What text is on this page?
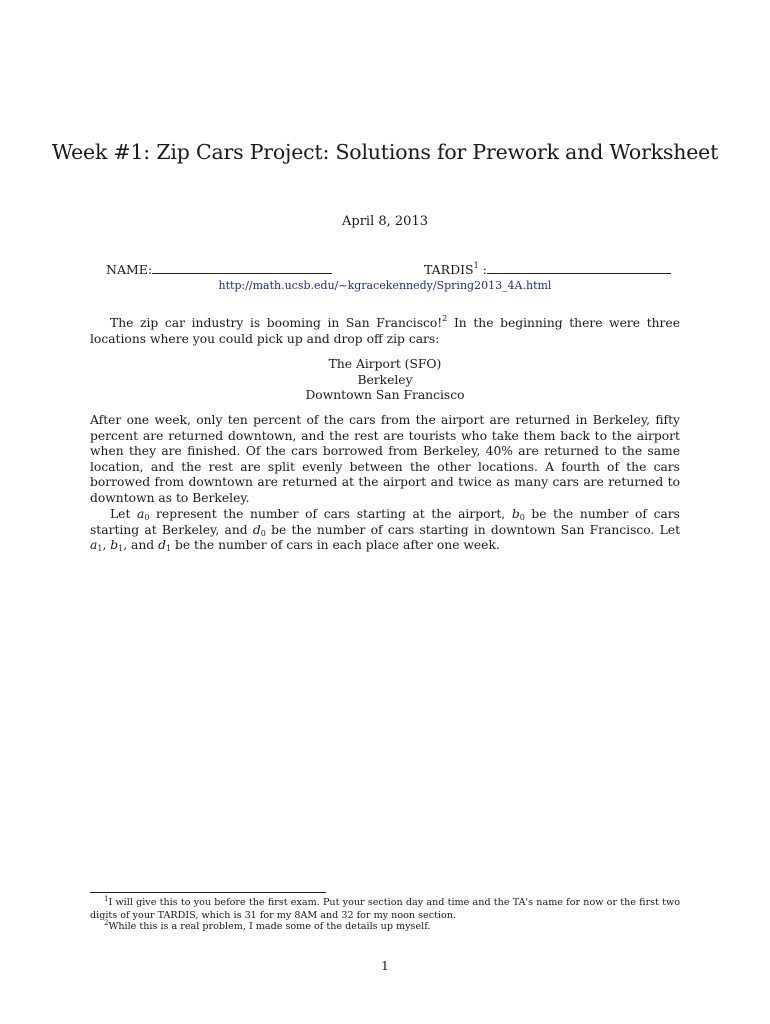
Week #1: Zip Cars Project: Solutions for Prework and Worksheet
April 8, 2013
NAME:	TARDIS$^1$ :
http://math.ucsb.edu/~kgracekennedy/Spring2013_4A.html
The zip car industry is booming in San Francisco!$^2$ In the beginning there were three locations where you could pick up and drop off zip cars:
The Airport (SFO)
Berkeley
Downtown San Francisco
After one week, only ten percent of the cars from the airport are returned in Berkeley, fifty percent are returned downtown, and the rest are tourists who take them back to the airport when they are finished. Of the cars borrowed from Berkeley, 40% are returned to the same location, and the rest are split evenly between the other locations. A fourth of the cars borrowed from downtown are returned at the airport and twice as many cars are returned to downtown as to Berkeley.
Let $a_0$ represent the number of cars starting at the airport, $b_0$ be the number of cars starting at Berkeley, and $d_0$ be the number of cars starting in downtown San Francisco. Let $a_1$, $b_1$, and $d_1$ be the number of cars in each place after one week.
$^1$I will give this to you before the first exam. Put your section day and time and the TA's name for now or the first two digits of your TARDIS, which is 31 for my 8AM and 32 for my noon section.
$^2$While this is a real problem, I made some of the details up myself.
1
